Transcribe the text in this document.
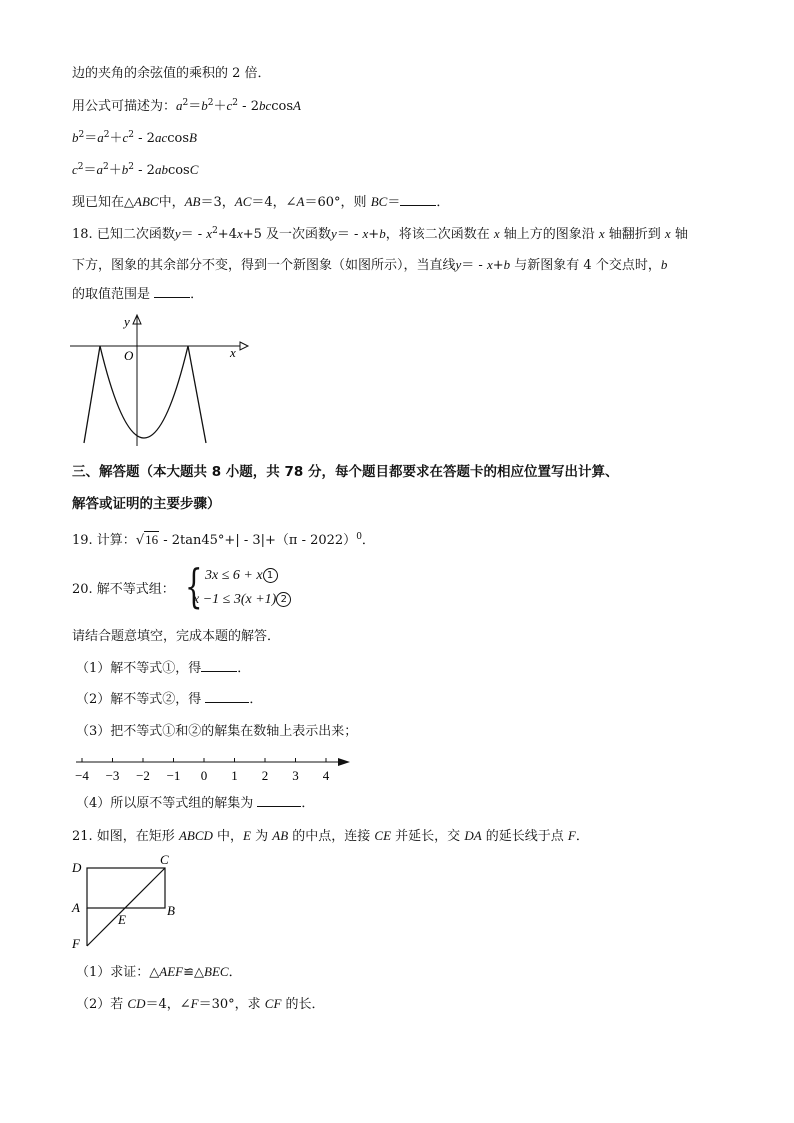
边的夹角的余弦值的乘积的 2 倍．
用公式可描述为：$a^2=b^2+c^2 - 2bccosA$
$b^2=a^2+c^2 - 2accosB$
$c^2=a^2+b^2 - 2abcosC$
现已知在△ABC中，AB＝3，AC＝4，∠A＝60°，则 BC＝	．
18. 已知二次函数$y= - x^2+4x+5$ 及一次函数y＝ - x+b，将该二次函数在 x 轴上方的图象沿 x 轴翻折到 x 轴
下方，图象的其余部分不变，得到一个新图象（如图所示），当直线y＝ - x+b 与新图象有 4 个交点时，b
的取值范围是	．
x
y
O
三、解答题（本大题共 8 小题，共 78 分，每个题目都要求在答题卡的相应位置写出计算、
解答或证明的主要步骤）
19. 计算：√16 - 2tan45°+| - 3|+（π - 2022）$^0$．
20. 解不等式组： { 3x ≤ 6 + x 1
x −1 ≤ 3(x +1) 2
请结合题意填空，完成本题的解答．
（1）解不等式①，得	．
（2）解不等式②，得	．
（3）把不等式①和②的解集在数轴上表示出来；
−4 −3 −2 −1 0 1 2 3 4
（4）所以原不等式组的解集为	．
21. 如图，在矩形 ABCD 中，E 为 AB 的中点，连接 CE 并延长，交 DA 的延长线于点 F．
D
C
A	B
E
F
（1）求证：△AEF≌△BEC．
（2）若 CD＝4，∠F＝30°，求 CF 的长．
